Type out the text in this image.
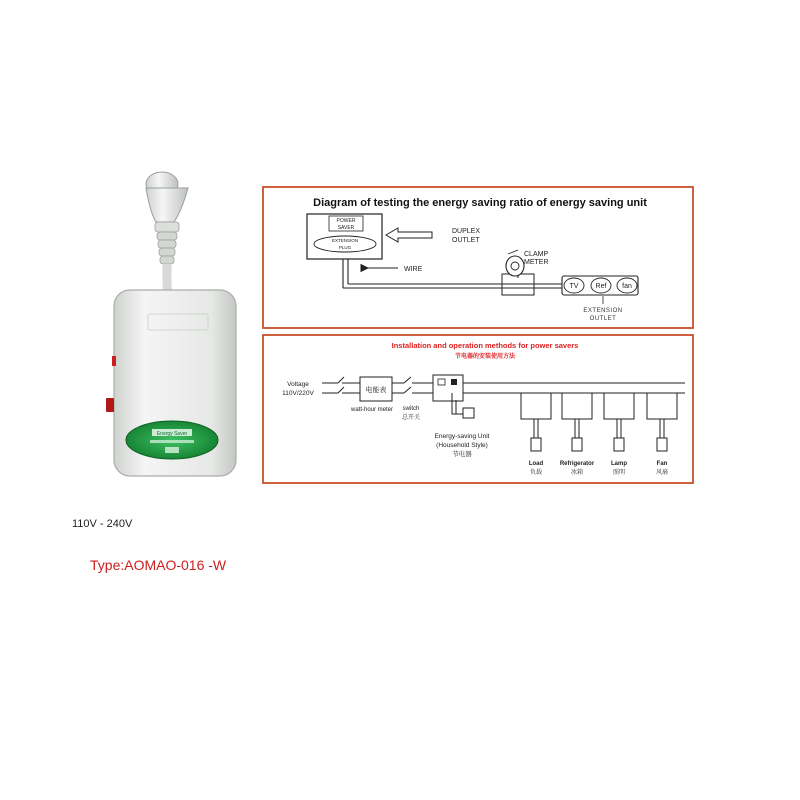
Energy Saver
Diagram of testing the energy saving ratio of energy saving unit
POWER
SAVER
EXTENSION
PLUG
DUPLEX
OUTLET
WIRE
CLAMP
METER
TV Ref fan
EXTENSION
OUTLET
Installation and operation methods for power savers
节电器的安装使用方法
Voltage
110V/220V	电能表
watt-hour meter switch
总开关
Energy-saving Unit
(Household Style)
节电器
Load
负载
Refrigerator
冰箱
Lamp
照明
Fan
风扇
110V - 240V
Type:AOMAO-016 -W
